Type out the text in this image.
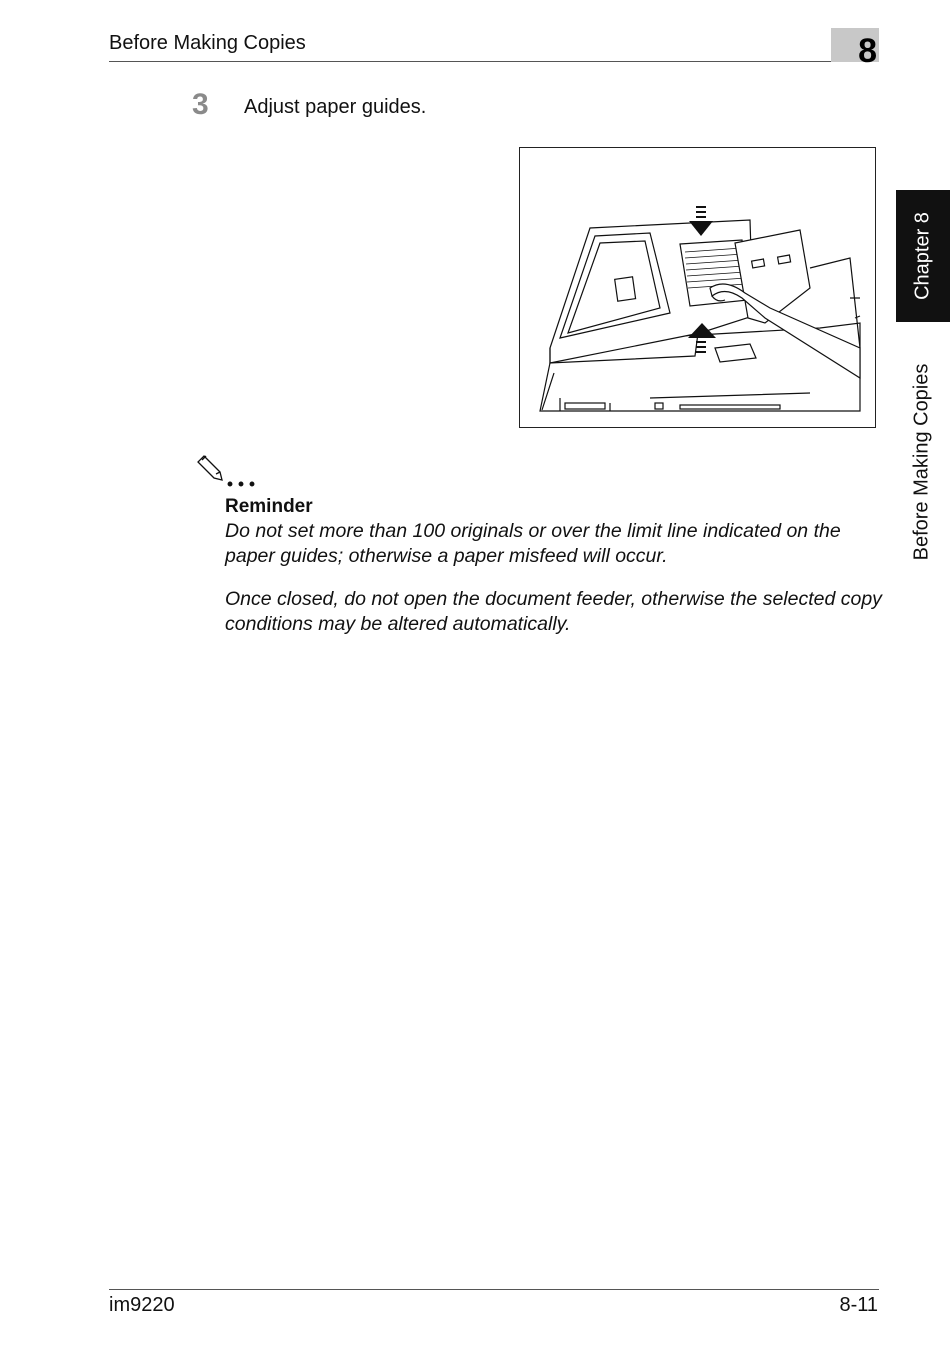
Before Making Copies	8
3 Adjust paper guides.
Chapter 8
Before Making Copies
Reminder

Do not set more than 100 originals or over the limit line indicated on the paper guides; otherwise a paper misfeed will occur.

Once closed, do not open the document feeder, otherwise the selected copy conditions may be altered automatically.

im9220	8-11
